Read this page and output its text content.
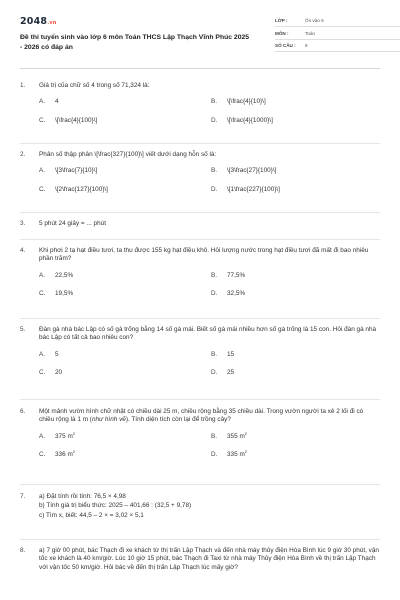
2048.vn
Đề thi tuyển sinh vào lớp 6 môn Toán THCS Lập Thạch Vĩnh Phúc 2025 - 2026 có đáp án
LỚP :	Ôn vào 6
MÔN :	Toán
SỐ CÂU :	9
1.	Giá trị của chữ số 4 trong số 71,324 là:
A.	4	B.	\[\frac{4}{10}\]
C.	\[\frac{4}{100}\]	D.	\[\frac{4}{1000}\]
2.	Phân số thập phân \[\frac{327}{100}\] viết dưới dạng hỗn số là:
A.	\[3\frac{7}{10}\]	B.	\[3\frac{27}{100}\]
C.	\[2\frac{127}{100}\]	D.	\[1\frac{227}{100}\]
3.	5 phút 24 giây = ... phút
4.	Khi phơi 2 tạ hạt điều tươi, ta thu được 155 kg hạt điều khô. Hỏi lượng nước trong hạt điều tươi đã mất đi bao nhiêu phần trăm?
A.	22,5%	B.	77,5%
C.	19,5%	D.	32,5%
5.	Đàn gà nhà bác Lập có số gà trống bằng 14 số gà mái. Biết số gà mái nhiều hơn số gà trống là 15 con. Hỏi đàn gà nhà bác Lập có tất cả bao nhiêu con?
A.	5	B.	15
C.	20	D.	25
6.	Một mảnh vườn hình chữ nhật có chiều dài 25 m, chiều rộng bằng 35 chiều dài. Trong vườn người ta xẻ 2 lối đi có chiều rộng là 1 m (như hình vẽ). Tính diện tích còn lại để trồng cây?
A.	375 $m^2$	B.	355 $m^2$
C.	336 $m^2$	D.	335 $m^2$
7.	a) Đặt tính rồi tính: 76,5 × 4,98
b) Tính giá trị biểu thức: 2025 – 401,66 : (32,5 + 9,78)
c) Tìm x, biết: 44,5 – 2 × = 3,02 × 5,1
8.	a) 7 giờ 00 phút, bác Thạch đi xe khách từ thị trấn Lập Thạch và đến nhà máy thủy điện Hòa Bình lúc 9 giờ 30 phút, vận tốc xe khách là 40 km/giờ. Lúc 10 giờ 15 phút, bác Thạch đi Taxi từ nhà máy Thủy điện Hòa Bình về thị trấn Lập Thạch với vận tốc 50 km/giờ. Hỏi bác về đến thị trấn Lập Thạch lúc mấy giờ?
